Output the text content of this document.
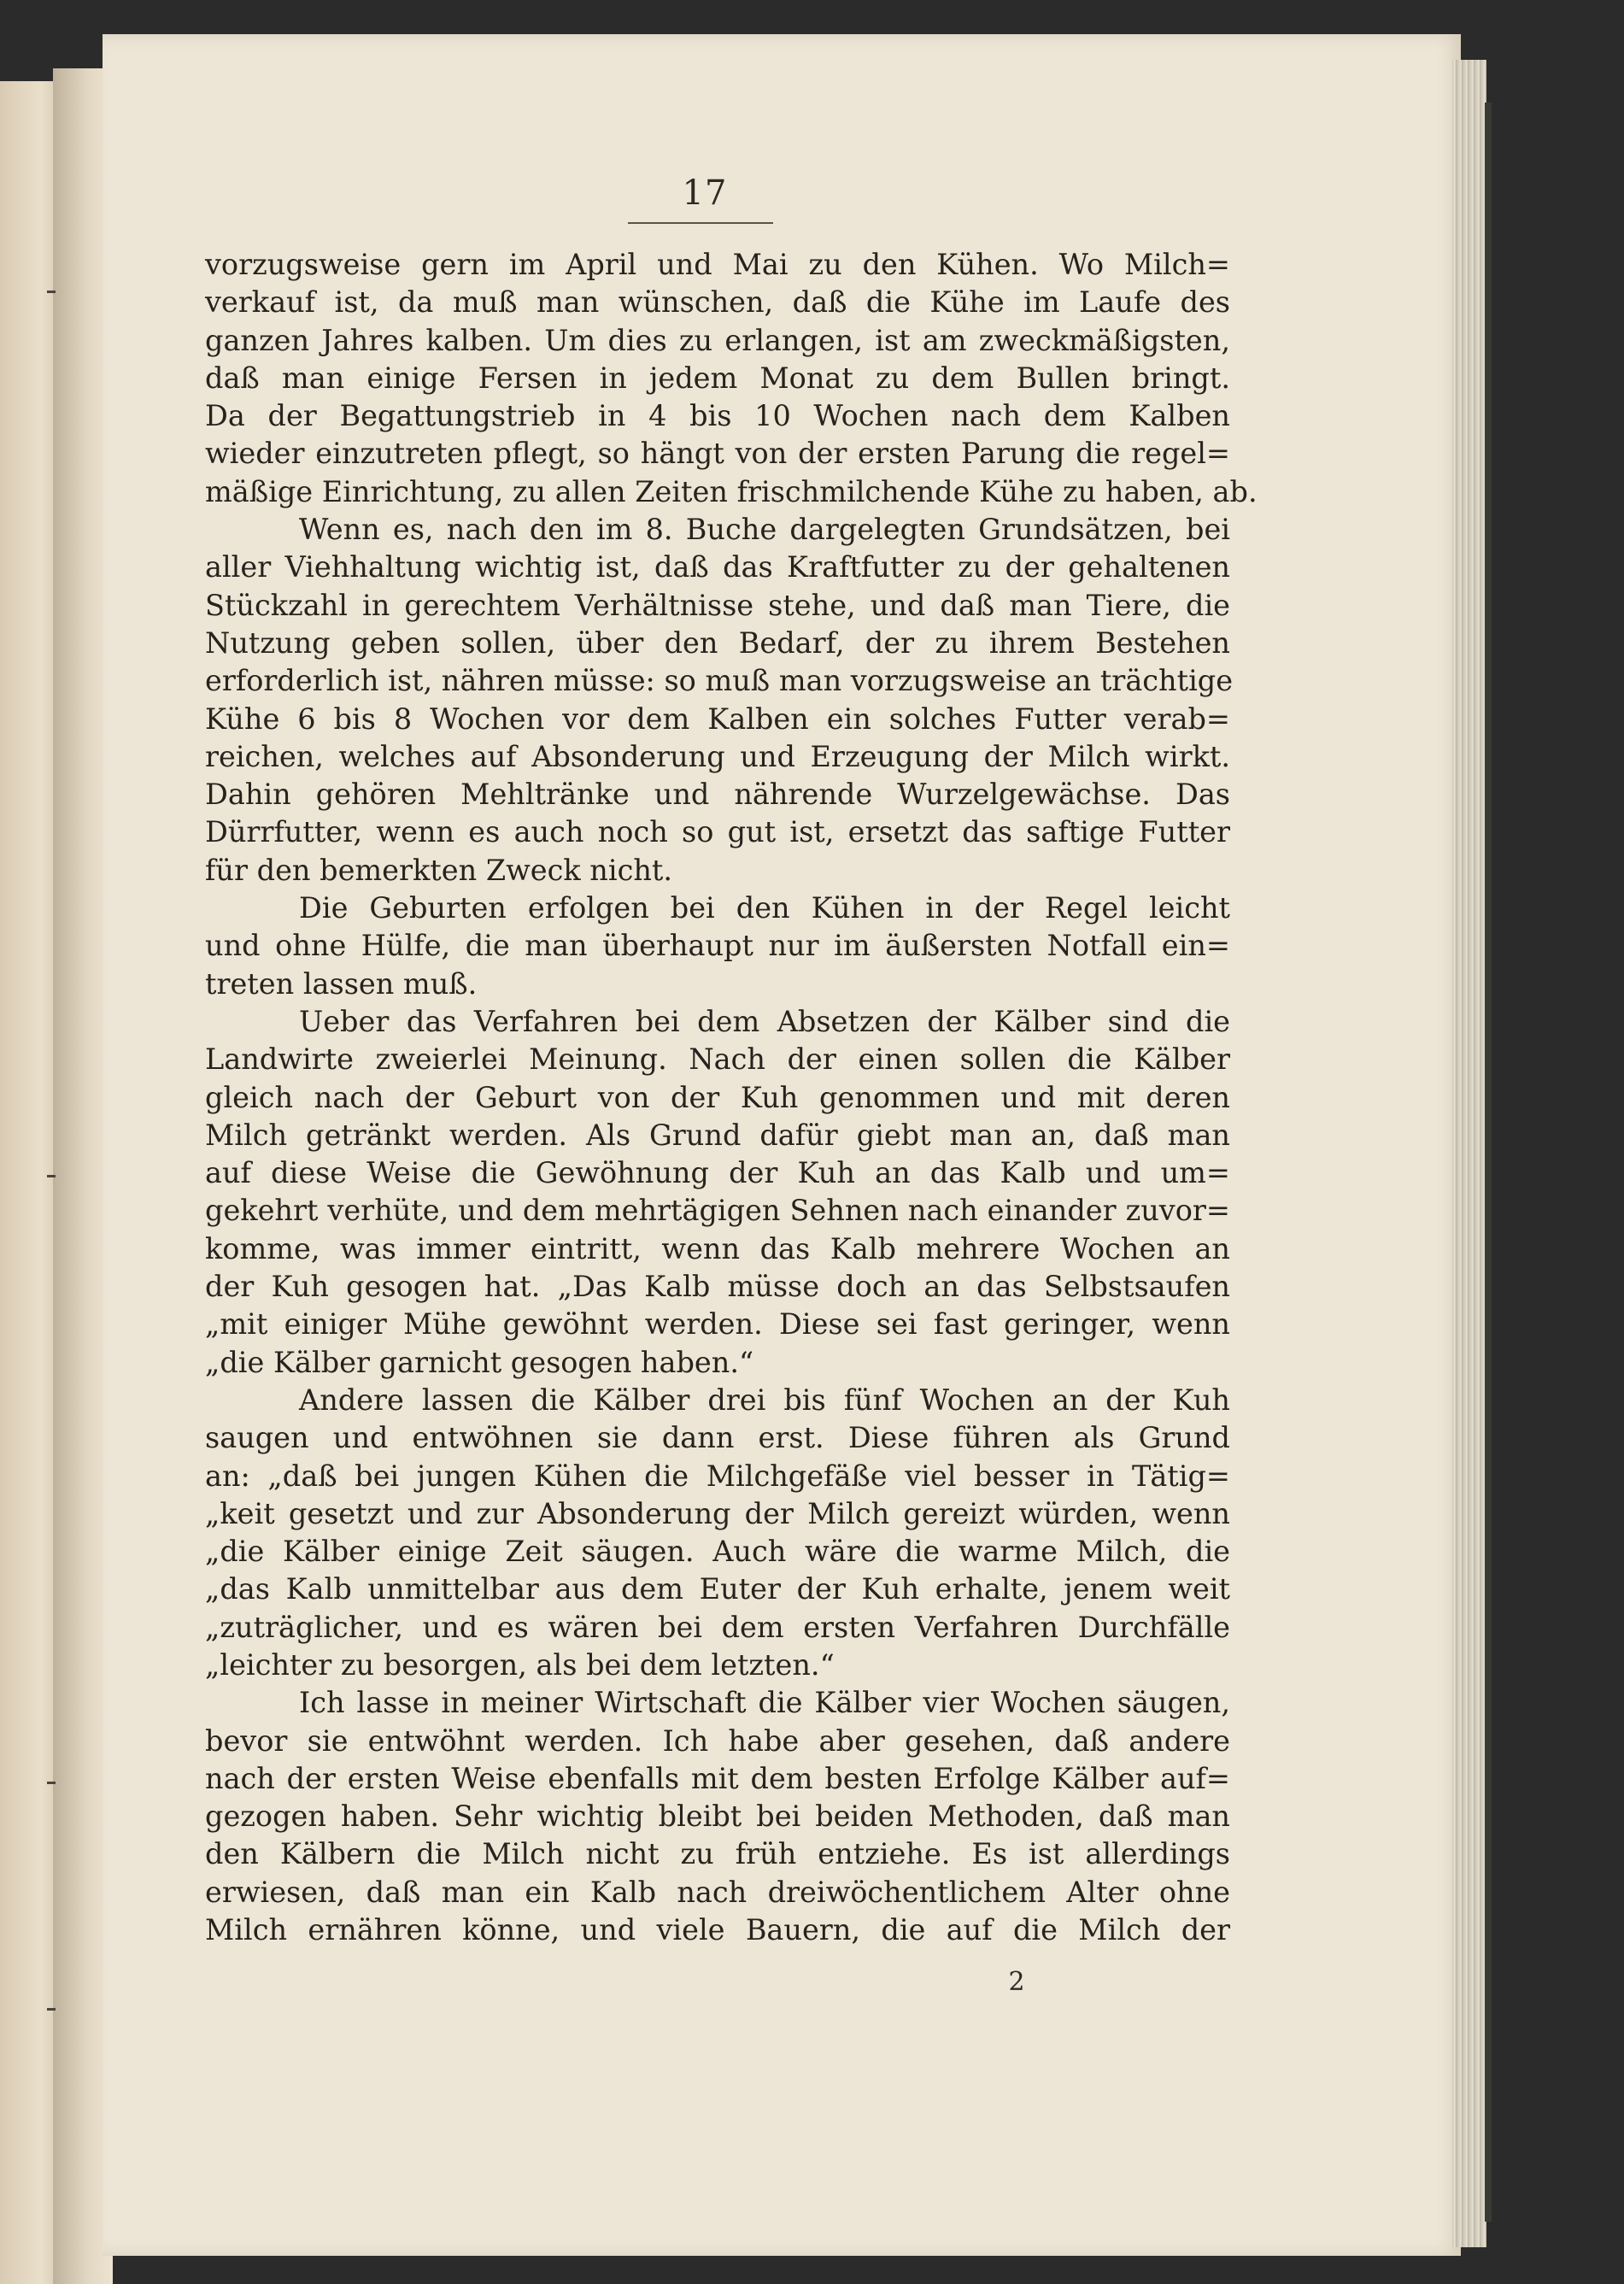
17
vorzugsweise gern im April und Mai zu den Kühen. Wo Milch=
verkauf ist, da muß man wünschen, daß die Kühe im Laufe des
ganzen Jahres kalben. Um dies zu erlangen, ist am zweckmäßigsten,
daß man einige Fersen in jedem Monat zu dem Bullen bringt.
Da der Begattungstrieb in 4 bis 10 Wochen nach dem Kalben
wieder einzutreten pflegt, so hängt von der ersten Parung die regel=
mäßige Einrichtung, zu allen Zeiten frischmilchende Kühe zu haben, ab.
Wenn es, nach den im 8. Buche dargelegten Grundsätzen, bei
aller Viehhaltung wichtig ist, daß das Kraftfutter zu der gehaltenen
Stückzahl in gerechtem Verhältnisse stehe, und daß man Tiere, die
Nutzung geben sollen, über den Bedarf, der zu ihrem Bestehen
erforderlich ist, nähren müsse: so muß man vorzugsweise an trächtige
Kühe 6 bis 8 Wochen vor dem Kalben ein solches Futter verab=
reichen, welches auf Absonderung und Erzeugung der Milch wirkt.
Dahin gehören Mehltränke und nährende Wurzelgewächse. Das
Dürrfutter, wenn es auch noch so gut ist, ersetzt das saftige Futter
für den bemerkten Zweck nicht.
Die Geburten erfolgen bei den Kühen in der Regel leicht
und ohne Hülfe, die man überhaupt nur im äußersten Notfall ein=
treten lassen muß.
Ueber das Verfahren bei dem Absetzen der Kälber sind die
Landwirte zweierlei Meinung. Nach der einen sollen die Kälber
gleich nach der Geburt von der Kuh genommen und mit deren
Milch getränkt werden. Als Grund dafür giebt man an, daß man
auf diese Weise die Gewöhnung der Kuh an das Kalb und um=
gekehrt verhüte, und dem mehrtägigen Sehnen nach einander zuvor=
komme, was immer eintritt, wenn das Kalb mehrere Wochen an
der Kuh gesogen hat. „Das Kalb müsse doch an das Selbstsaufen
„mit einiger Mühe gewöhnt werden. Diese sei fast geringer, wenn
„die Kälber garnicht gesogen haben.“
Andere lassen die Kälber drei bis fünf Wochen an der Kuh
saugen und entwöhnen sie dann erst. Diese führen als Grund
an: „daß bei jungen Kühen die Milchgefäße viel besser in Tätig=
„keit gesetzt und zur Absonderung der Milch gereizt würden, wenn
„die Kälber einige Zeit säugen. Auch wäre die warme Milch, die
„das Kalb unmittelbar aus dem Euter der Kuh erhalte, jenem weit
„zuträglicher, und es wären bei dem ersten Verfahren Durchfälle
„leichter zu besorgen, als bei dem letzten.“
Ich lasse in meiner Wirtschaft die Kälber vier Wochen säugen,
bevor sie entwöhnt werden. Ich habe aber gesehen, daß andere
nach der ersten Weise ebenfalls mit dem besten Erfolge Kälber auf=
gezogen haben. Sehr wichtig bleibt bei beiden Methoden, daß man
den Kälbern die Milch nicht zu früh entziehe. Es ist allerdings
erwiesen, daß man ein Kalb nach dreiwöchentlichem Alter ohne
Milch ernähren könne, und viele Bauern, die auf die Milch der
2
